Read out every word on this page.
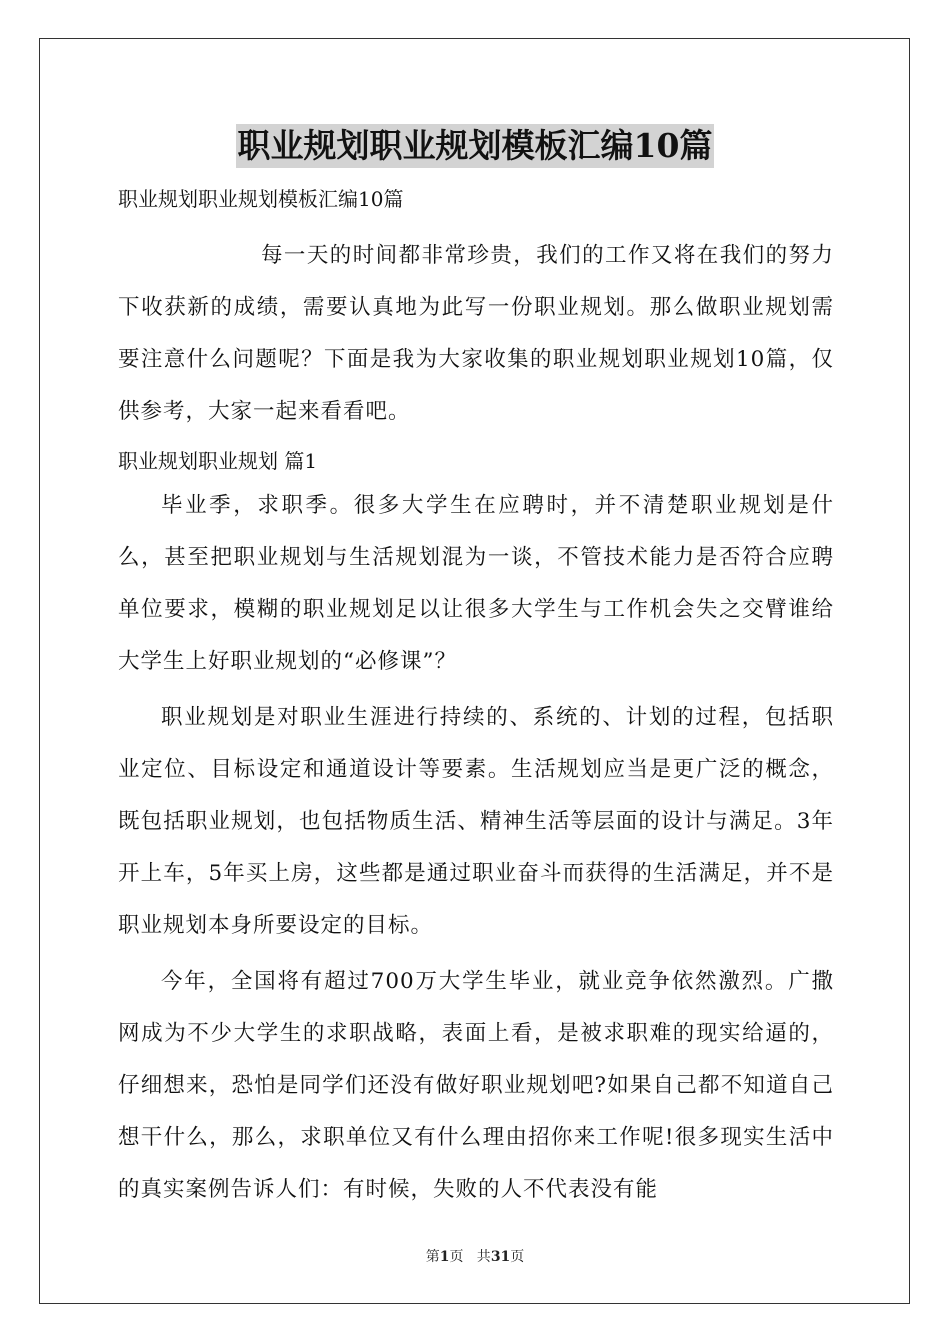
职业规划职业规划模板汇编10篇
职业规划职业规划模板汇编10篇

每一天的时间都非常珍贵，我们的工作又将在我们的努力下收获新的成绩，需要认真地为此写一份职业规划。那么做职业规划需要注意什么问题呢？下面是我为大家收集的职业规划职业规划10篇，仅供参考，大家一起来看看吧。

职业规划职业规划 篇1

毕业季，求职季。很多大学生在应聘时，并不清楚职业规划是什么，甚至把职业规划与生活规划混为一谈，不管技术能力是否符合应聘单位要求，模糊的职业规划足以让很多大学生与工作机会失之交臂谁给大学生上好职业规划的“必修课”？

职业规划是对职业生涯进行持续的、系统的、计划的过程，包括职业定位、目标设定和通道设计等要素。生活规划应当是更广泛的概念，既包括职业规划，也包括物质生活、精神生活等层面的设计与满足。3年开上车，5年买上房，这些都是通过职业奋斗而获得的生活满足，并不是职业规划本身所要设定的目标。

今年，全国将有超过700万大学生毕业，就业竞争依然激烈。广撒网成为不少大学生的求职战略，表面上看，是被求职难的现实给逼的，仔细想来，恐怕是同学们还没有做好职业规划吧?如果自己都不知道自己想干什么，那么，求职单位又有什么理由招你来工作呢!很多现实生活中的真实案例告诉人们：有时候，失败的人不代表没有能

第1页   共31页
